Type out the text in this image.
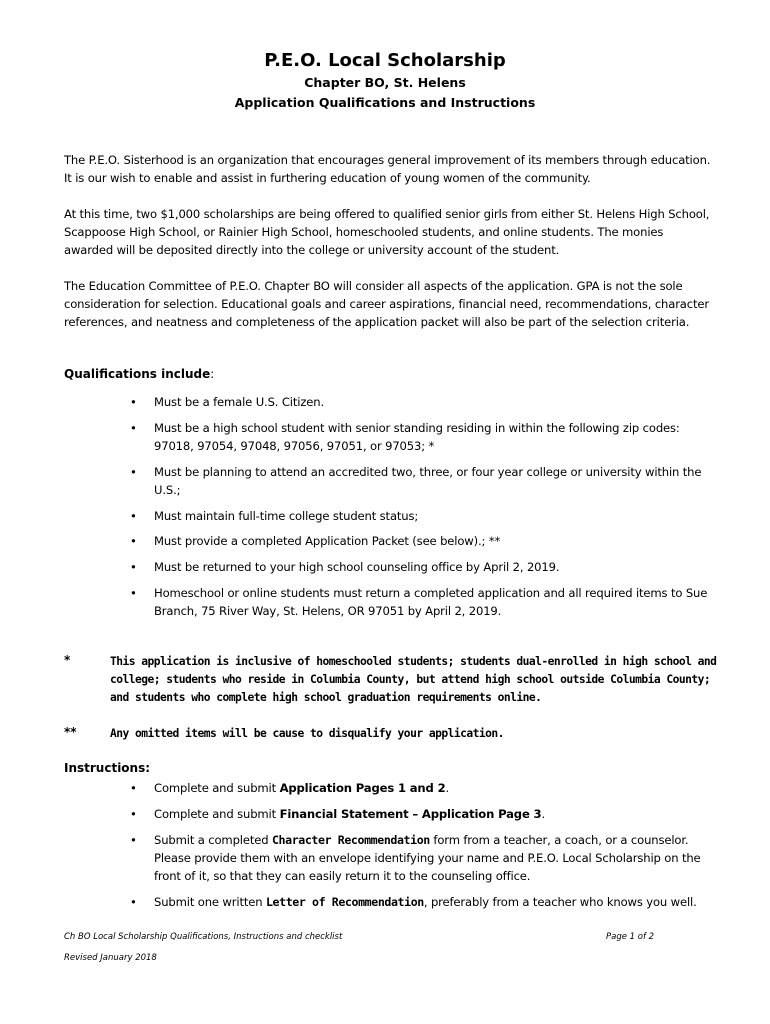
P.E.O. Local Scholarship
Chapter BO, St. Helens
Application Qualifications and Instructions

The P.E.O. Sisterhood is an organization that encourages general improvement of its members through education. It is our wish to enable and assist in furthering education of young women of the community.

At this time, two $1,000 scholarships are being offered to qualified senior girls from either St. Helens High School, Scappoose High School, or Rainier High School, homeschooled students, and online students. The monies awarded will be deposited directly into the college or university account of the student.

The Education Committee of P.E.O. Chapter BO will consider all aspects of the application. GPA is not the sole consideration for selection. Educational goals and career aspirations, financial need, recommendations, character references, and neatness and completeness of the application packet will also be part of the selection criteria.

Qualifications include:

• Must be a female U.S. Citizen.
• Must be a high school student with senior standing residing in within the following zip codes: 97018, 97054, 97048, 97056, 97051, or 97053; *
• Must be planning to attend an accredited two, three, or four year college or university within the U.S.;
• Must maintain full-time college student status;
• Must provide a completed Application Packet (see below).; **
• Must be returned to your high school counseling office by April 2, 2019.
• Homeschool or online students must return a completed application and all required items to Sue Branch, 75 River Way, St. Helens, OR 97051 by April 2, 2019.
*	This application is inclusive of homeschooled students; students dual-enrolled in high school and college; students who reside in Columbia County, but attend high school outside Columbia County; and students who complete high school graduation requirements online.
**	Any omitted items will be cause to disqualify your application.

Instructions:

• Complete and submit Application Pages 1 and 2.
• Complete and submit Financial Statement – Application Page 3.
• Submit a completed Character Recommendation form from a teacher, a coach, or a counselor. Please provide them with an envelope identifying your name and P.E.O. Local Scholarship on the front of it, so that they can easily return it to the counseling office.
• Submit one written Letter of Recommendation, preferably from a teacher who knows you well.

Ch BO Local Scholarship Qualifications, Instructions and checklist	Page 1 of 2

Revised January 2018
